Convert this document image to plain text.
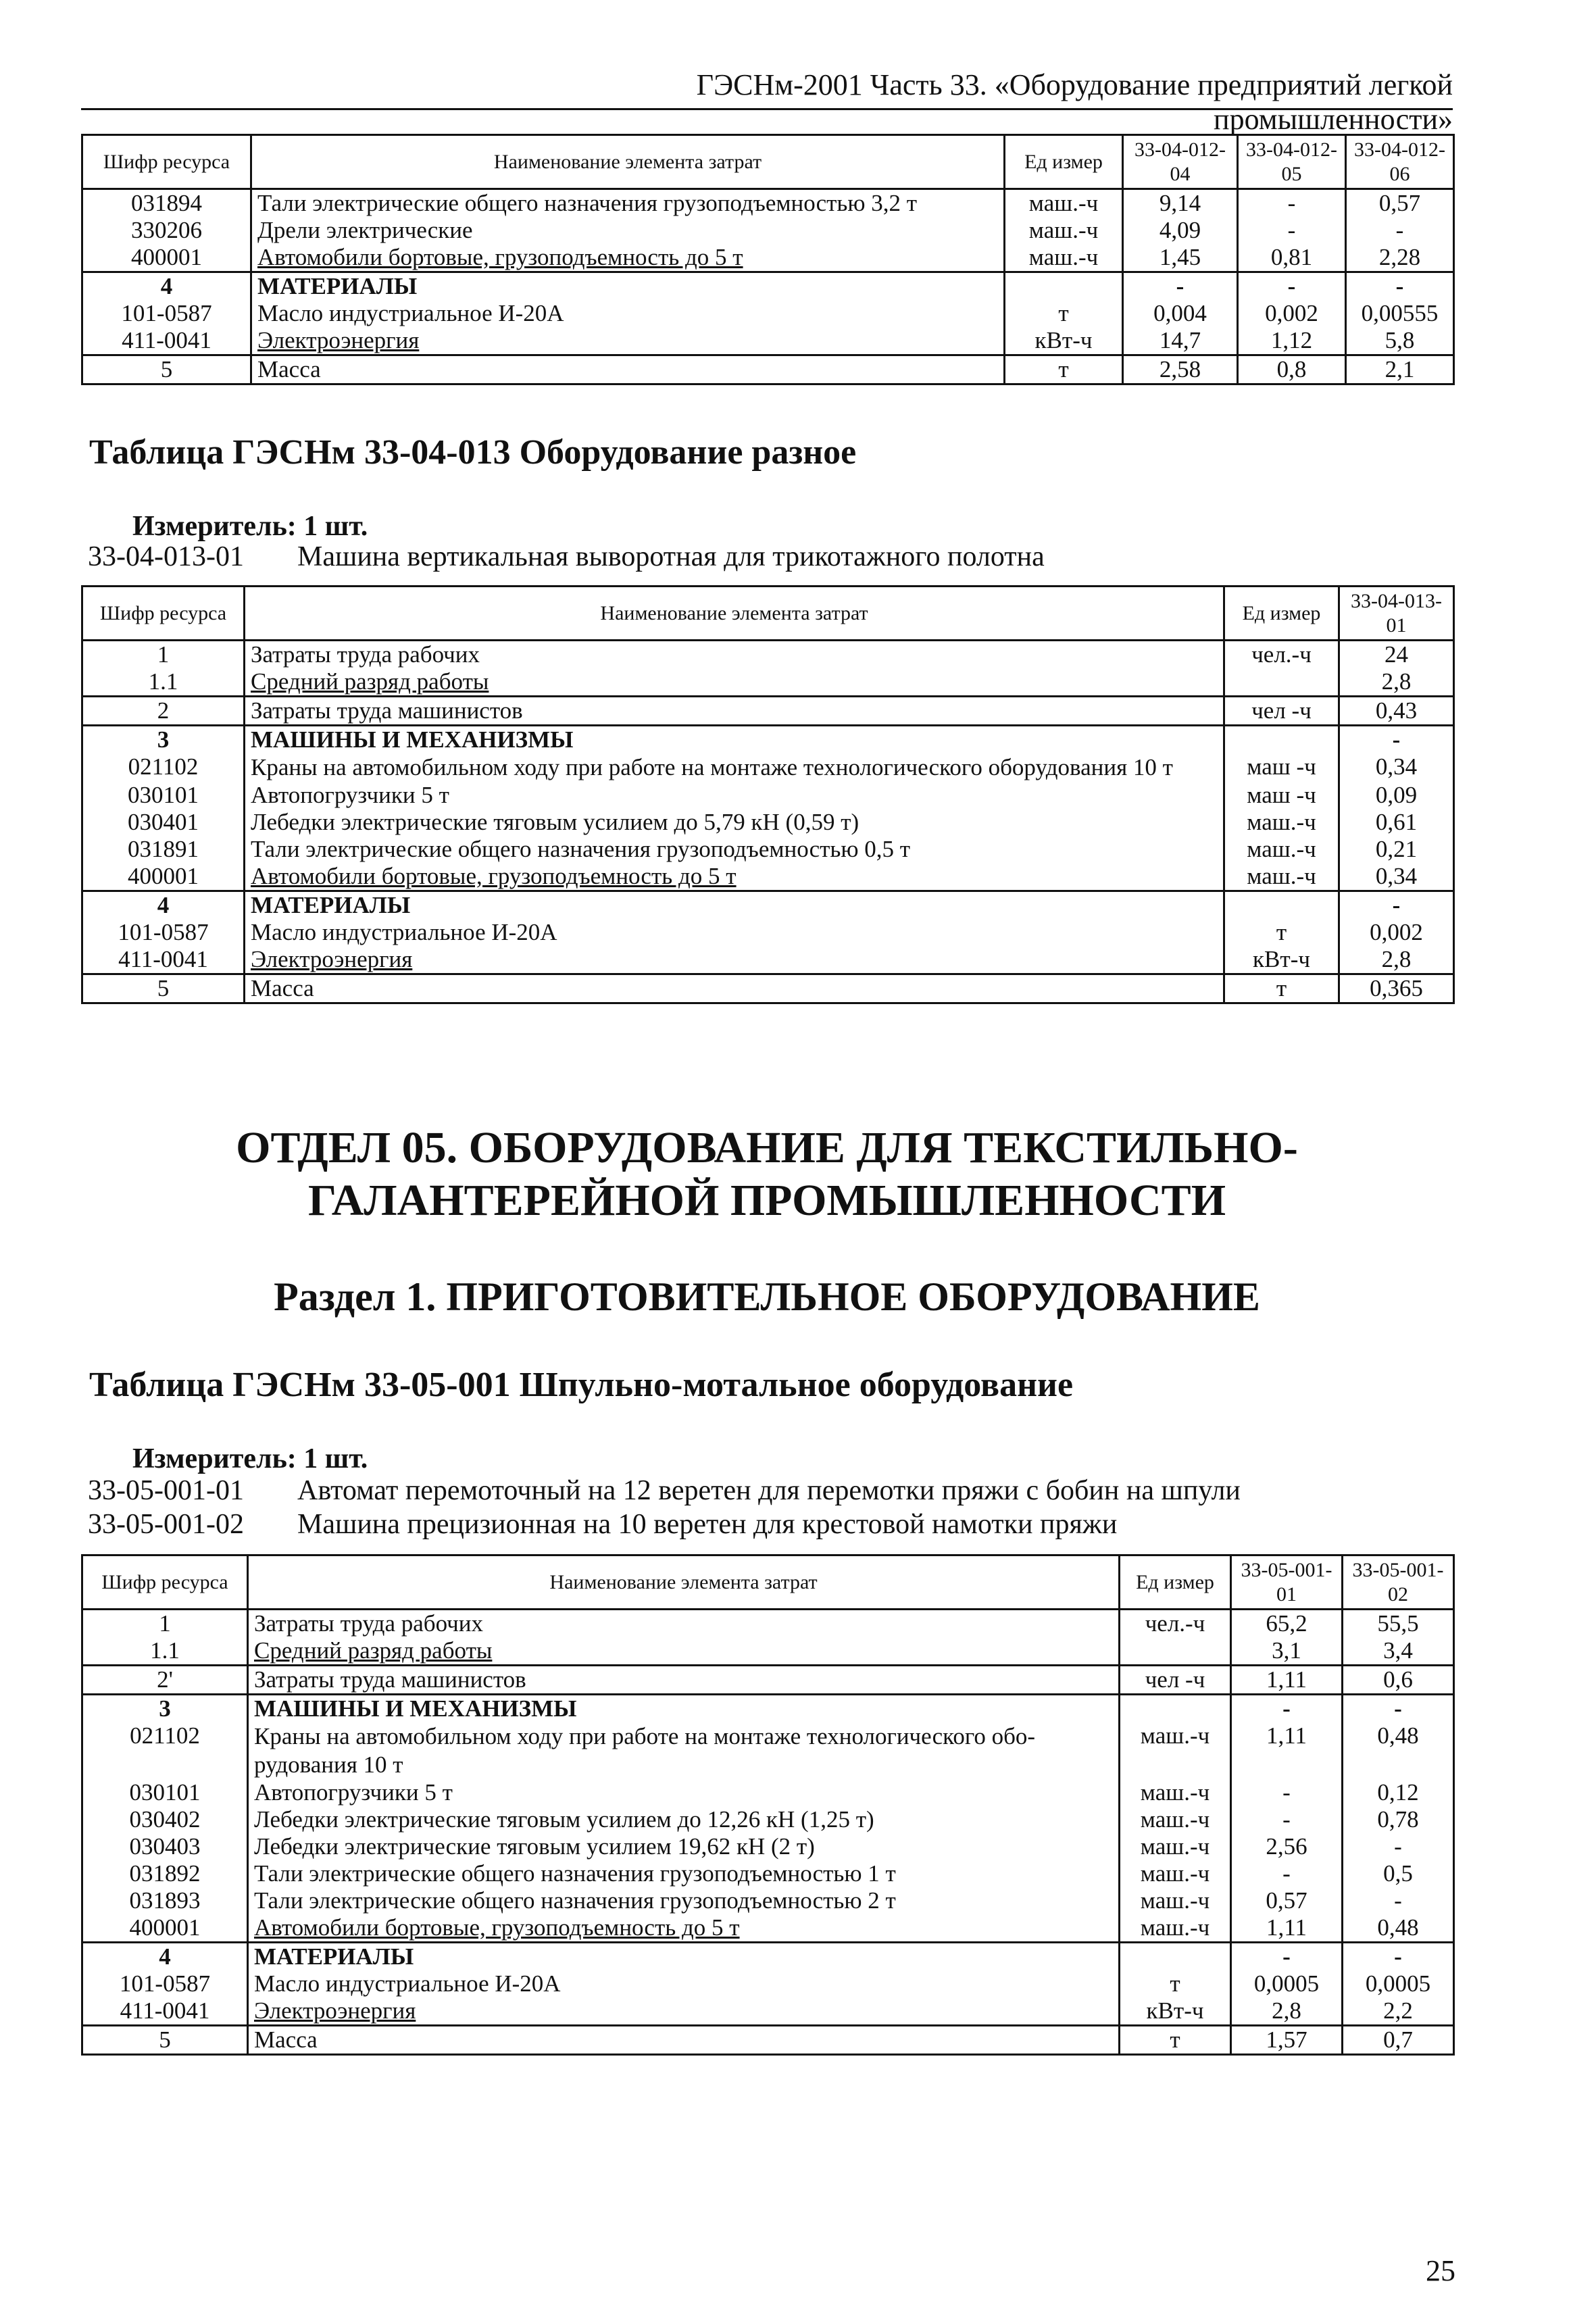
ГЭСНм-2001 Часть 33. «Оборудование предприятий легкой промышленности»
Шифр ресурса	Наименование элемента затрат	Ед измер	33-04-012-04	33-04-012-05	33-04-012-06
031894	Тали электрические общего назначения грузоподъемностью 3,2 т	маш.-ч	9,14	-	0,57
330206	Дрели электрические	маш.-ч	4,09	-	-
400001	Автомобили бортовые, грузоподъемность до 5 т	маш.-ч	1,45	0,81	2,28
4	МАТЕРИАЛЫ		-	-	-
101-0587	Масло индустриальное И-20А	т	0,004	0,002	0,00555
411-0041	Электроэнергия	кВт-ч	14,7	1,12	5,8
5	Масса	т	2,58	0,8	2,1
Таблица ГЭСНм 33-04-013 Оборудование разное
Измеритель: 1 шт.
33-04-013-01 Машина вертикальная выворотная для трикотажного полотна
Шифр ресурса	Наименование элемента затрат	Ед измер	33-04-013-01
1	Затраты труда рабочих	чел.-ч	24
1.1	Средний разряд работы		2,8
2	Затраты труда машинистов	чел -ч	0,43
3	МАШИНЫ И МЕХАНИЗМЫ		-
021102	Краны на автомобильном ходу при работе на монтаже технологического оборудования 10 т	маш -ч	0,34
030101	Автопогрузчики 5 т	маш -ч	0,09
030401	Лебедки электрические тяговым усилием до 5,79 кН (0,59 т)	маш.-ч	0,61
031891	Тали электрические общего назначения грузоподъемностью 0,5 т	маш.-ч	0,21
400001	Автомобили бортовые, грузоподъемность до 5 т	маш.-ч	0,34
4	МАТЕРИАЛЫ		-
101-0587	Масло индустриальное И-20А	т	0,002
411-0041	Электроэнергия	кВт-ч	2,8
5	Масса	т	0,365
ОТДЕЛ 05. ОБОРУДОВАНИЕ ДЛЯ ТЕКСТИЛЬНО-ГАЛАНТЕРЕЙНОЙ ПРОМЫШЛЕННОСТИ
Раздел 1. ПРИГОТОВИТЕЛЬНОЕ ОБОРУДОВАНИЕ
Таблица ГЭСНм 33-05-001 Шпульно-мотальное оборудование
Измеритель: 1 шт.
33-05-001-01 Автомат перемоточный на 12 веретен для перемотки пряжи с бобин на шпули
33-05-001-02 Машина прецизионная на 10 веретен для крестовой намотки пряжи
Шифр ресурса	Наименование элемента затрат	Ед измер	33-05-001-01	33-05-001-02
1	Затраты труда рабочих	чел.-ч	65,2	55,5
1.1	Средний разряд работы		3,1	3,4
2'	Затраты труда машинистов	чел -ч	1,11	0,6
3	МАШИНЫ И МЕХАНИЗМЫ		-	-
021102	Краны на автомобильном ходу при работе на монтаже технологического обо-рудования 10 т	маш.-ч	1,11	0,48
030101	Автопогрузчики 5 т	маш.-ч	-	0,12
030402	Лебедки электрические тяговым усилием до 12,26 кН (1,25 т)	маш.-ч	-	0,78
030403	Лебедки электрические тяговым усилием 19,62 кН (2 т)	маш.-ч	2,56	-
031892	Тали электрические общего назначения грузоподъемностью 1 т	маш.-ч	-	0,5
031893	Тали электрические общего назначения грузоподъемностью 2 т	маш.-ч	0,57	-
400001	Автомобили бортовые, грузоподъемность до 5 т	маш.-ч	1,11	0,48
4	МАТЕРИАЛЫ		-	-
101-0587	Масло индустриальное И-20А	т	0,0005	0,0005
411-0041	Электроэнергия	кВт-ч	2,8	2,2
5	Масса	т	1,57	0,7
25
